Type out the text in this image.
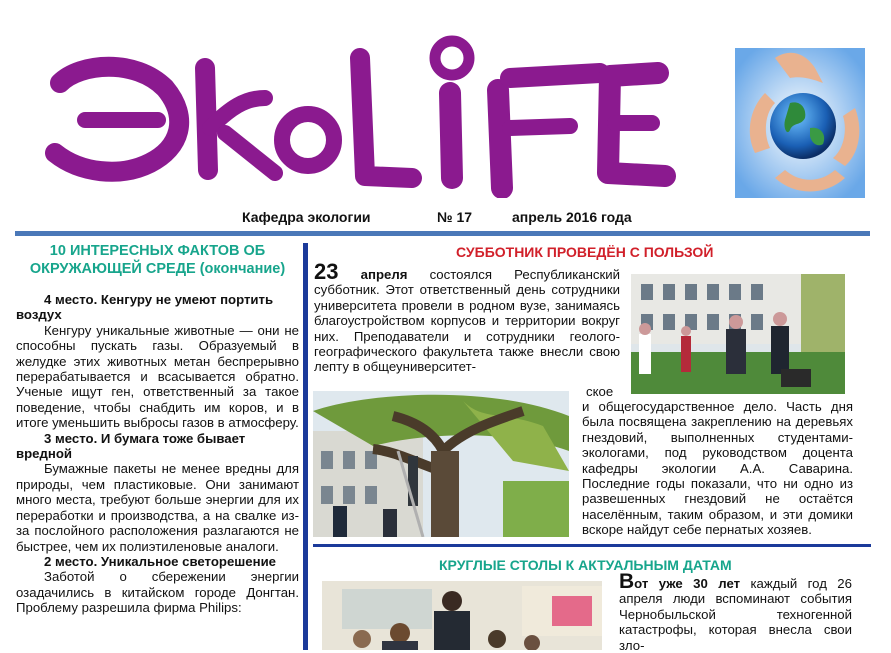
Кафедра экологии	№ 17	апрель 2016 года

10 ИНТЕРЕСНЫХ ФАКТОВ ОБ ОКРУЖАЮЩЕЙ СРЕДЕ (окончание)

4 место. Кенгуру не умеют портить воздух

Кенгуру уникальные животные — они не способны пускать газы. Образуемый в желудке этих животных метан беспрерывно перерабатывается и всасывается обратно. Ученые ищут ген, ответственный за такое поведение, чтобы снабдить им коров, и в итоге уменьшить выбросы газов в атмосферу.

3 место. И бумага тоже бывает вредной

Бумажные пакеты не менее вредны для природы, чем пластиковые. Они занимают много места, требуют больше энергии для их переработки и производства, а на свалке из-за послойного расположения разлагаются не быстрее, чем их полиэтиленовые аналоги.

2 место. Уникальное светорешение

Заботой о сбережении энергии озадачились в китайском городе Донгтан. Проблему разрешила фирма Philips:

СУББОТНИК ПРОВЕДЁН С ПОЛЬЗОЙ
23 апреля состоялся Республиканский субботник. Этот ответственный день сотрудники университета провели в родном вузе, занимаясь благоустройством корпусов и территории вокруг них. Преподаватели и сотрудники геолого-географического факультета также внесли свою лепту в общеуниверситет-
ское
и общегосударственное дело. Часть дня была посвящена закреплению на деревьях гнездовий, выполненных студентами-экологами, под руководством доцента кафедры экологии А.А. Саварина. Последние годы показали, что ни одно из развешенных гнездовий не остаётся населённым, таким образом, и эти домики вскоре найдут себе пернатых хозяев.
КРУГЛЫЕ СТОЛЫ К АКТУАЛЬНЫМ ДАТАМ
Вот уже 30 лет каждый год 26 апреля люди вспоминают события Чернобыльской техногенной катастрофы, которая внесла свои зло-
